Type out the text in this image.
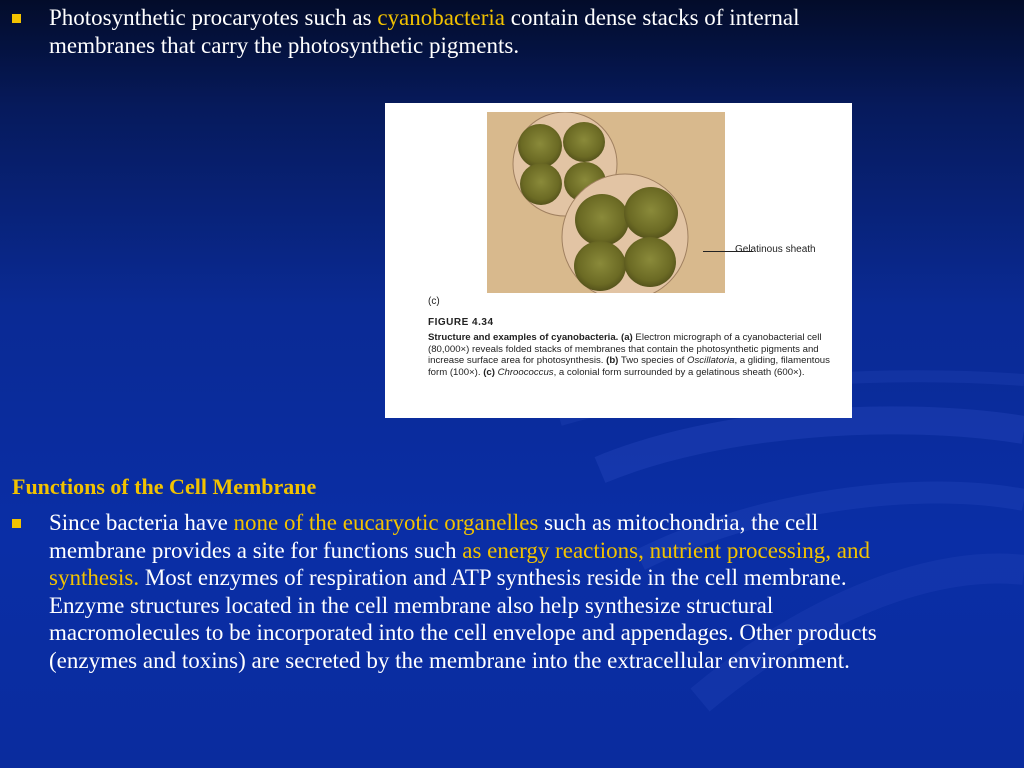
Photosynthetic procaryotes such as cyanobacteria contain dense stacks of internal membranes that carry the photosynthetic pigments.
Gelatinous sheath
(c)
FIGURE 4.34
Structure and examples of cyanobacteria. (a) Electron micrograph of a cyanobacterial cell (80,000×) reveals folded stacks of membranes that contain the photosynthetic pigments and increase surface area for photosynthesis. (b) Two species of Oscillatoria, a gliding, filamentous form (100×). (c) Chroococcus, a colonial form surrounded by a gelatinous sheath (600×).
Functions of the Cell Membrane
Since bacteria have none of the eucaryotic organelles such as mitochondria, the cell membrane provides a site for functions such as energy reactions, nutrient processing, and synthesis. Most enzymes of respiration and ATP synthesis reside in the cell membrane. Enzyme structures located in the cell membrane also help synthesize structural macromolecules to be incorporated into the cell envelope and appendages. Other products (enzymes and toxins) are secreted by the membrane into the extracellular environment.
